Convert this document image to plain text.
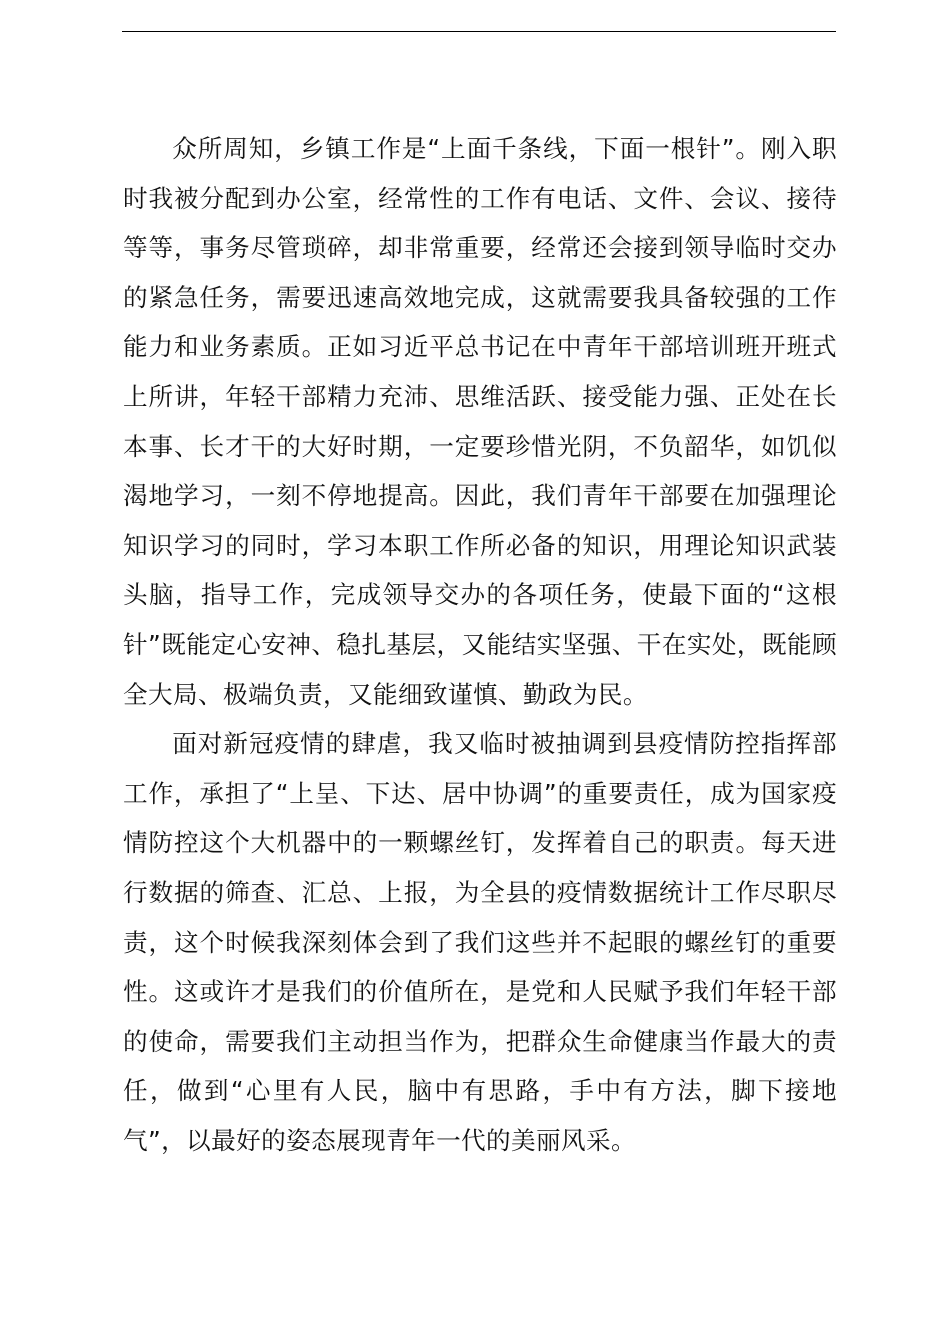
众所周知，乡镇工作是“上面千条线，下面一根针”。刚入职时我被分配到办公室，经常性的工作有电话、文件、会议、接待等等，事务尽管琐碎，却非常重要，经常还会接到领导临时交办的紧急任务，需要迅速高效地完成，这就需要我具备较强的工作能力和业务素质。正如习近平总书记在中青年干部培训班开班式上所讲，年轻干部精力充沛、思维活跃、接受能力强、正处在长本事、长才干的大好时期，一定要珍惜光阴，不负韶华，如饥似渴地学习，一刻不停地提高。因此，我们青年干部要在加强理论知识学习的同时，学习本职工作所必备的知识，用理论知识武装头脑，指导工作，完成领导交办的各项任务，使最下面的“这根针”既能定心安神、稳扎基层，又能结实坚强、干在实处，既能顾全大局、极端负责，又能细致谨慎、勤政为民。

面对新冠疫情的肆虐，我又临时被抽调到县疫情防控指挥部工作，承担了“上呈、下达、居中协调”的重要责任，成为国家疫情防控这个大机器中的一颗螺丝钉，发挥着自己的职责。每天进行数据的筛查、汇总、上报，为全县的疫情数据统计工作尽职尽责，这个时候我深刻体会到了我们这些并不起眼的螺丝钉的重要性。这或许才是我们的价值所在，是党和人民赋予我们年轻干部的使命，需要我们主动担当作为，把群众生命健康当作最大的责任，做到“心里有人民，脑中有思路，手中有方法，脚下接地气”，以最好的姿态展现青年一代的美丽风采。
